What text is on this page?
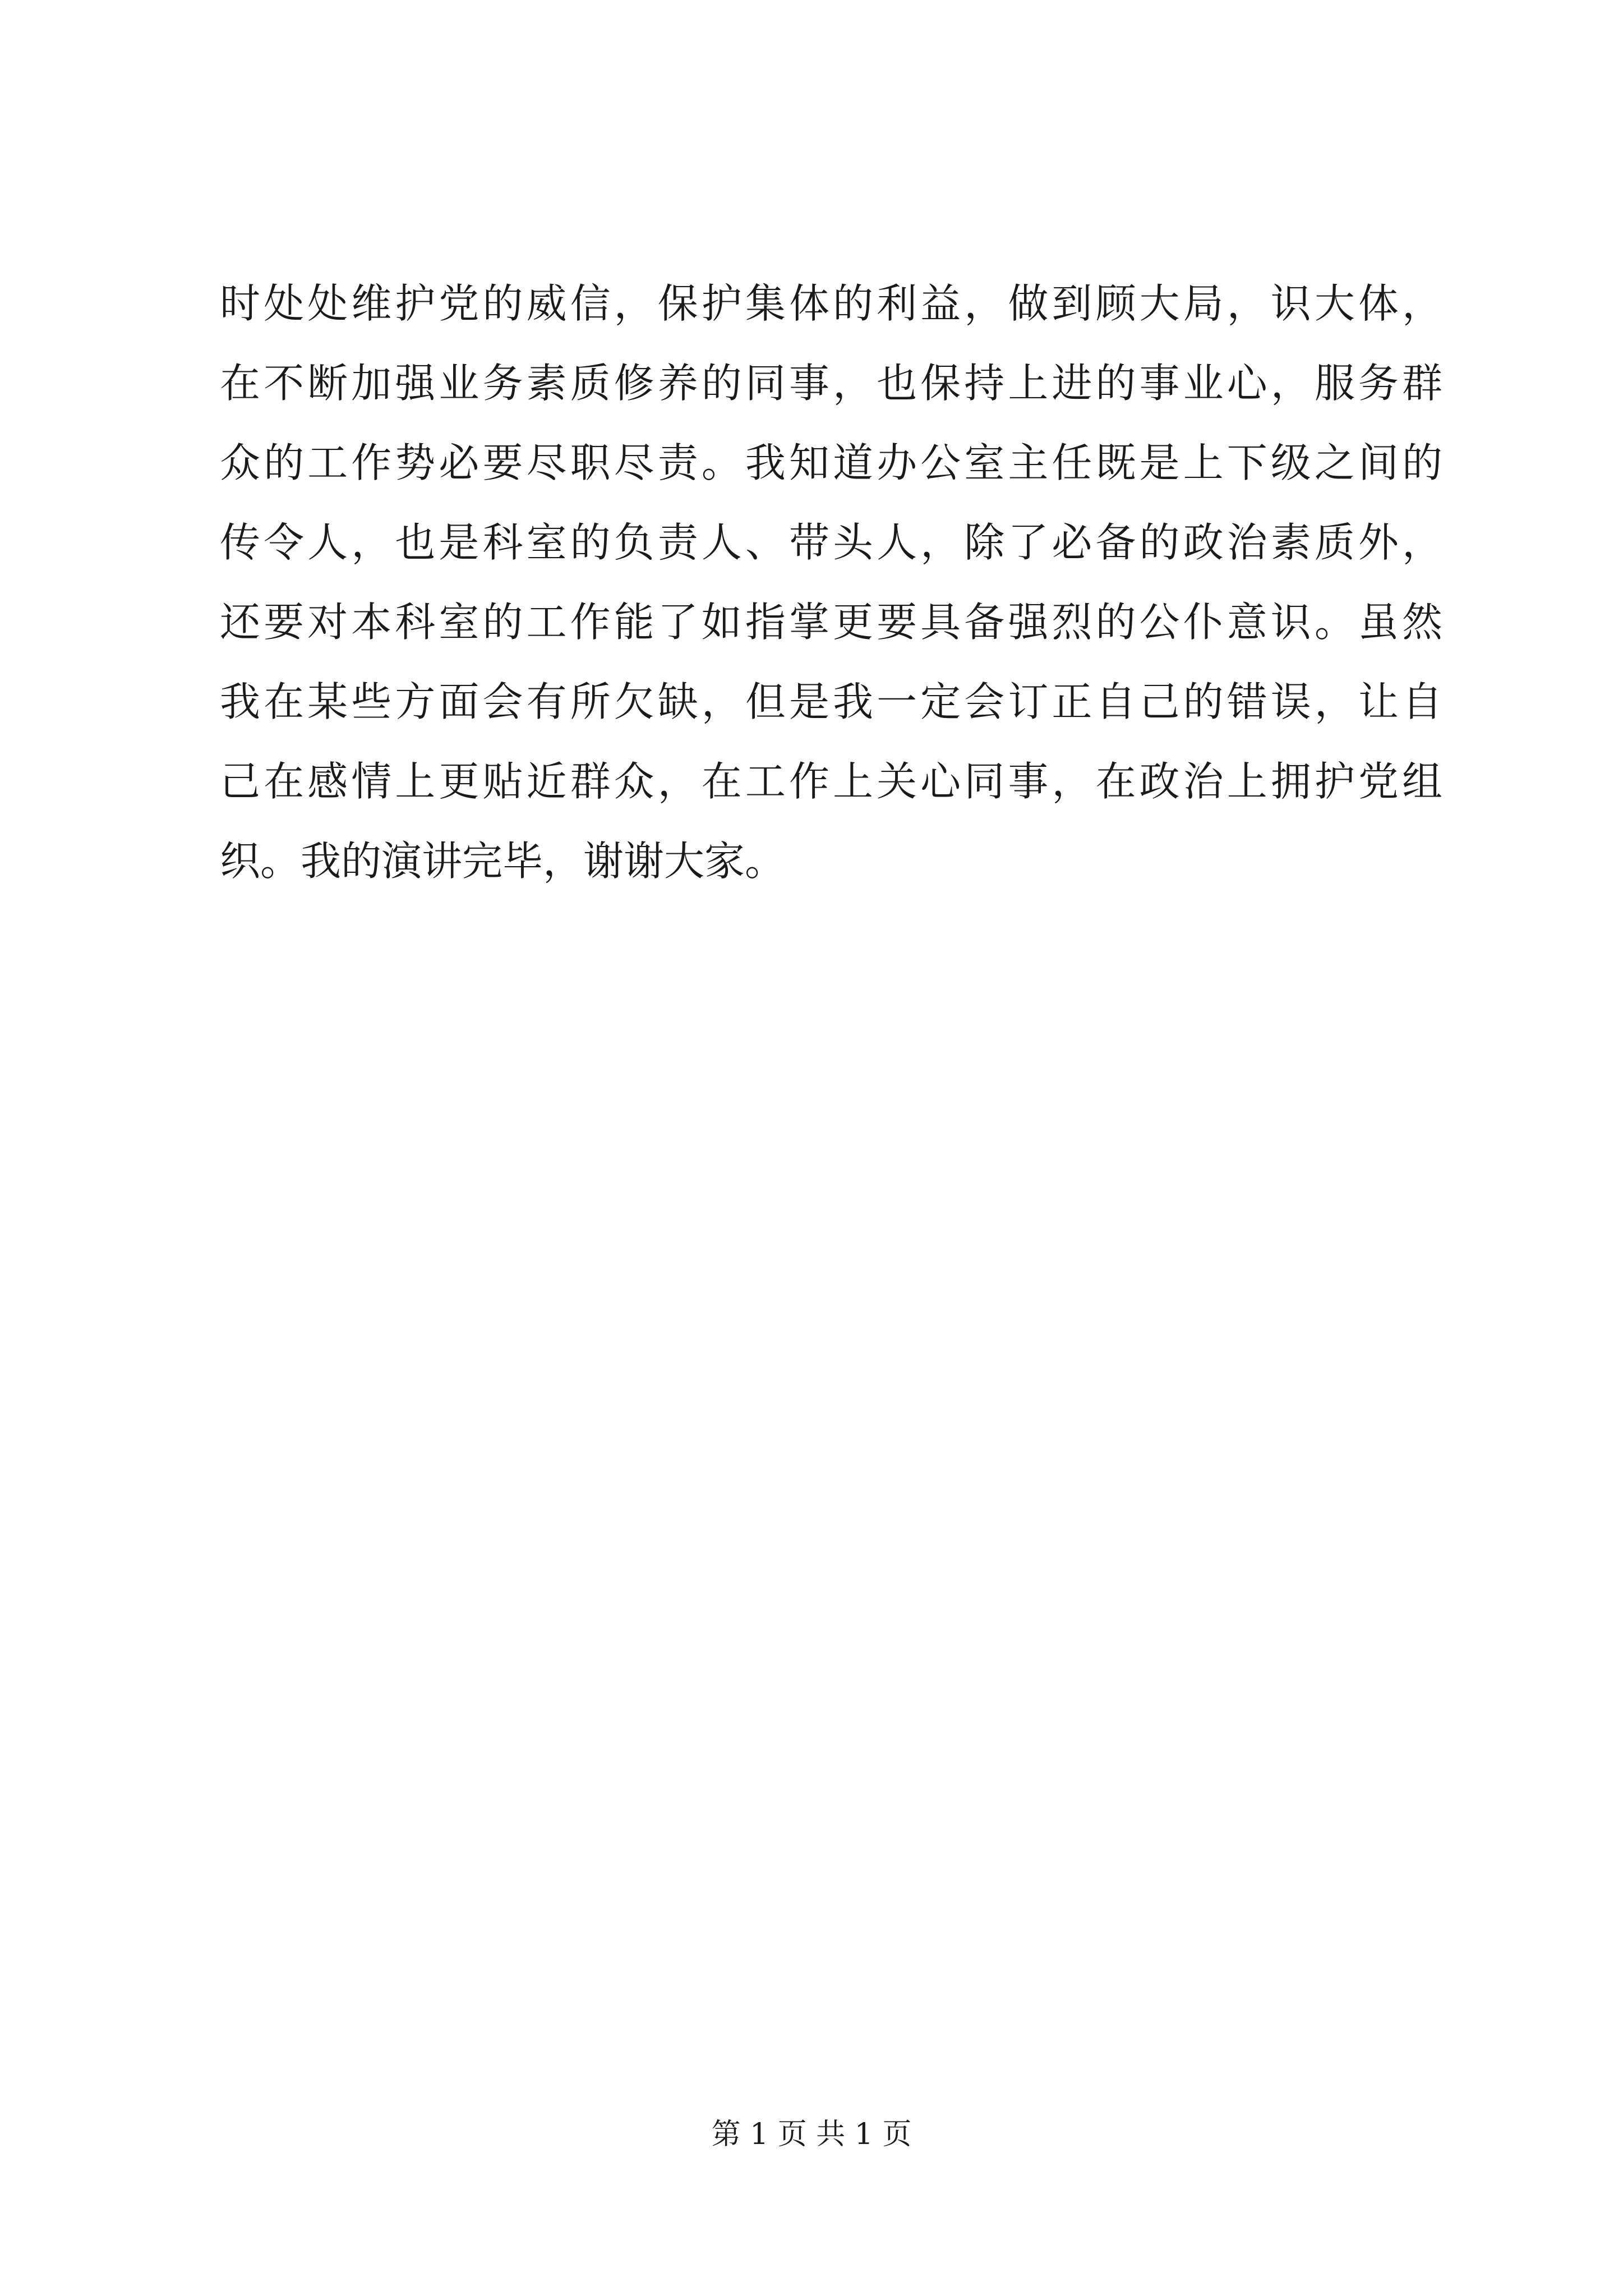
时处处维护党的威信，保护集体的利益，做到顾大局，识大体，
在不断加强业务素质修养的同事，也保持上进的事业心，服务群
众的工作势必要尽职尽责。我知道办公室主任既是上下级之间的
传令人，也是科室的负责人、带头人，除了必备的政治素质外，
还要对本科室的工作能了如指掌更要具备强烈的公仆意识。虽然
我在某些方面会有所欠缺，但是我一定会订正自己的错误，让自
己在感情上更贴近群众，在工作上关心同事，在政治上拥护党组
织。我的演讲完毕，谢谢大家。
第 1 页 共 1 页
